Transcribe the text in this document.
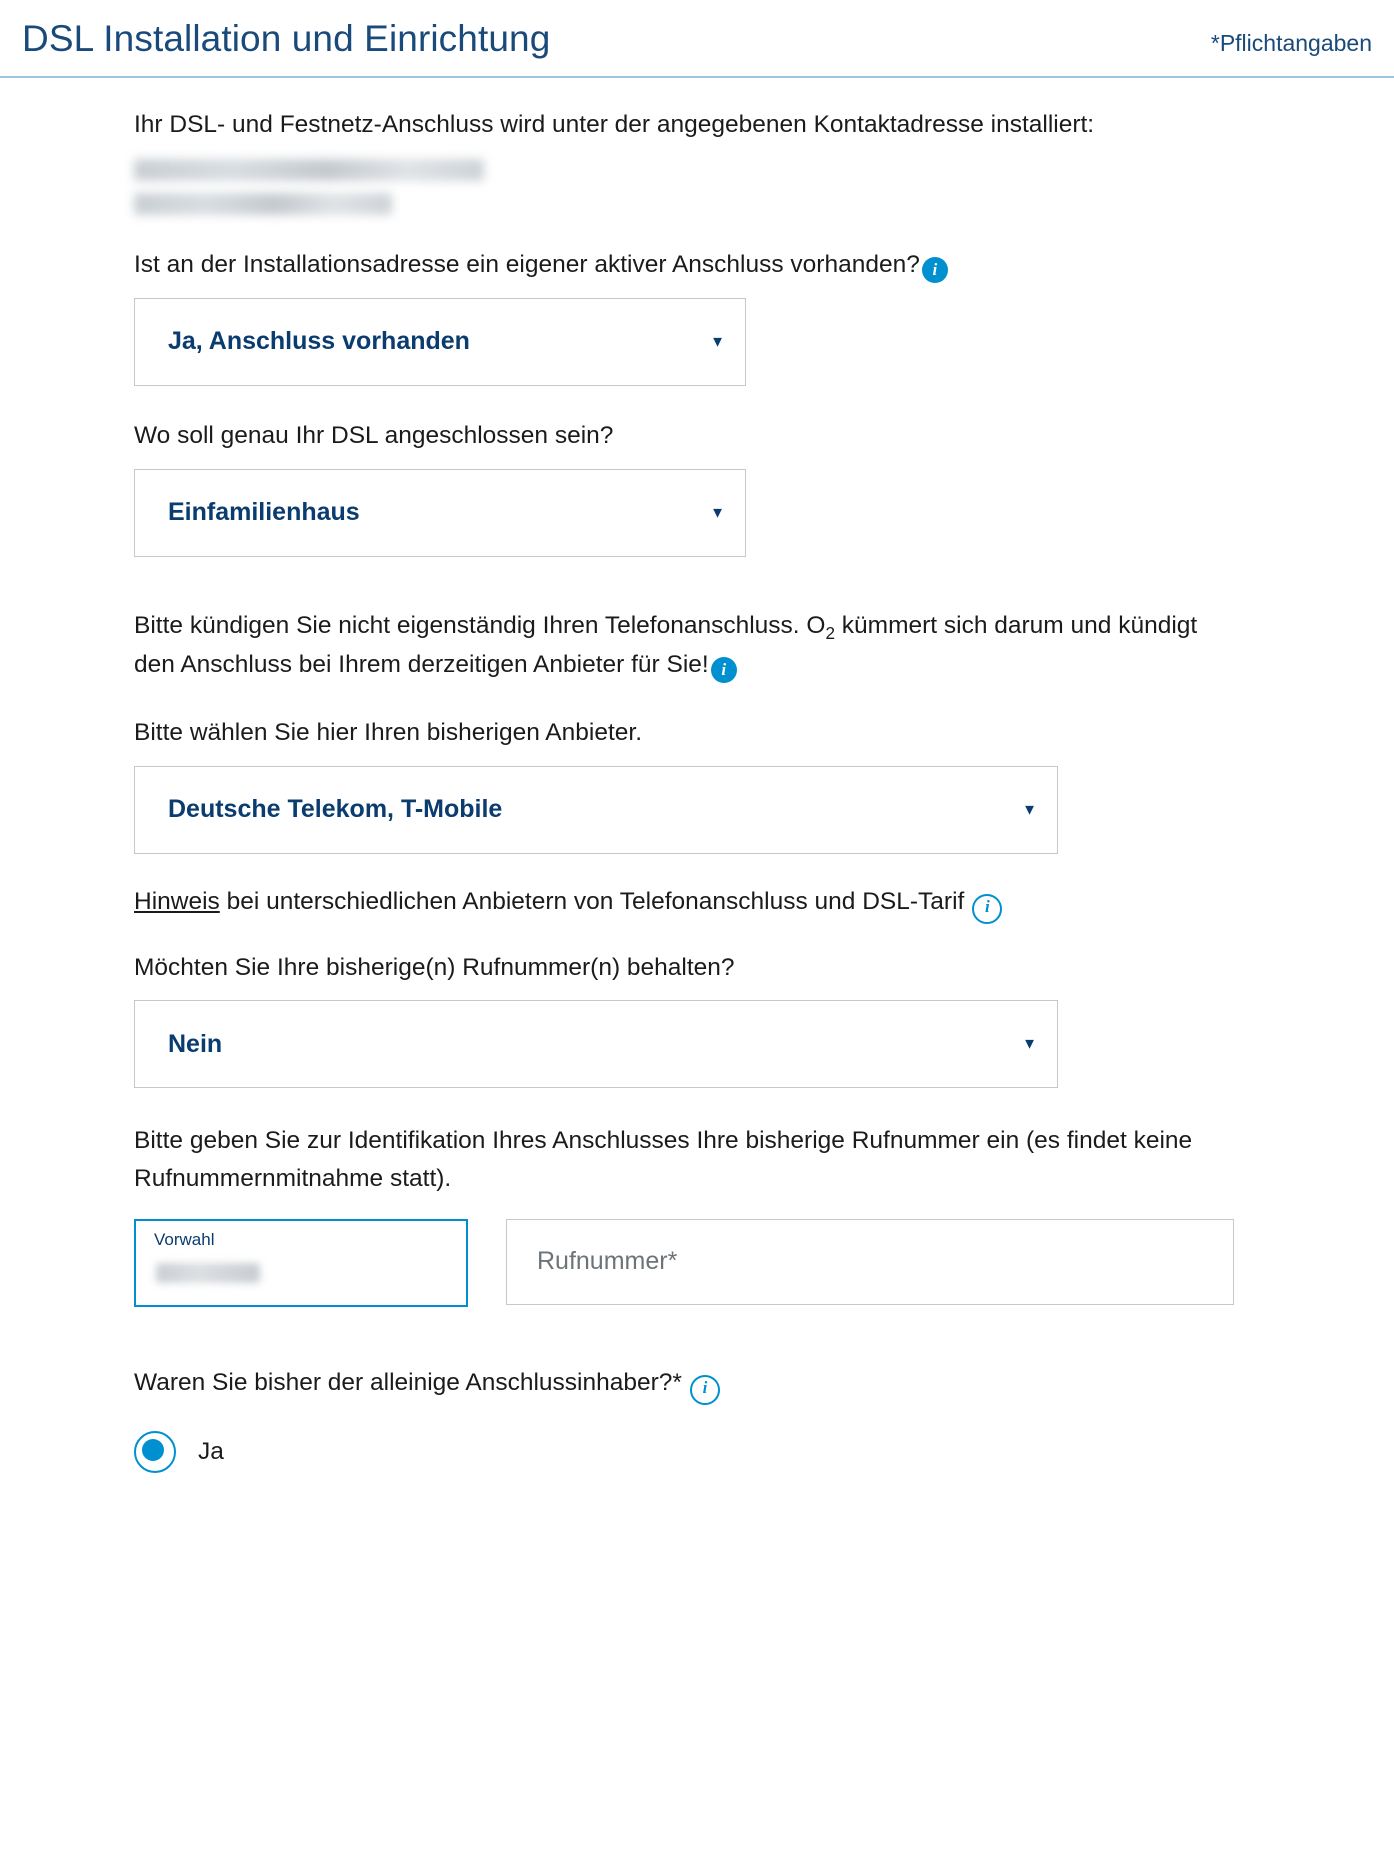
DSL Installation und Einrichtung	*Pflichtangaben
Ihr DSL- und Festnetz-Anschluss wird unter der angegebenen Kontaktadresse installiert:
Ist an der Installationsadresse ein eigener aktiver Anschluss vorhanden? i
Ja, Anschluss vorhanden	▼
Wo soll genau Ihr DSL angeschlossen sein?
Einfamilienhaus	▼
Bitte kündigen Sie nicht eigenständig Ihren Telefonanschluss. $O_2$ kümmert sich darum und kündigt den Anschluss bei Ihrem derzeitigen Anbieter für Sie! i
Bitte wählen Sie hier Ihren bisherigen Anbieter.
Deutsche Telekom, T-Mobile	▼
Hinweis bei unterschiedlichen Anbietern von Telefonanschluss und DSL-Tarif i
Möchten Sie Ihre bisherige(n) Rufnummer(n) behalten?
Nein	▼
Bitte geben Sie zur Identifikation Ihres Anschlusses Ihre bisherige Rufnummer ein (es findet keine Rufnummernmitnahme statt).
Vorwahl
Rufnummer*
Waren Sie bisher der alleinige Anschlussinhaber?* i
Ja
